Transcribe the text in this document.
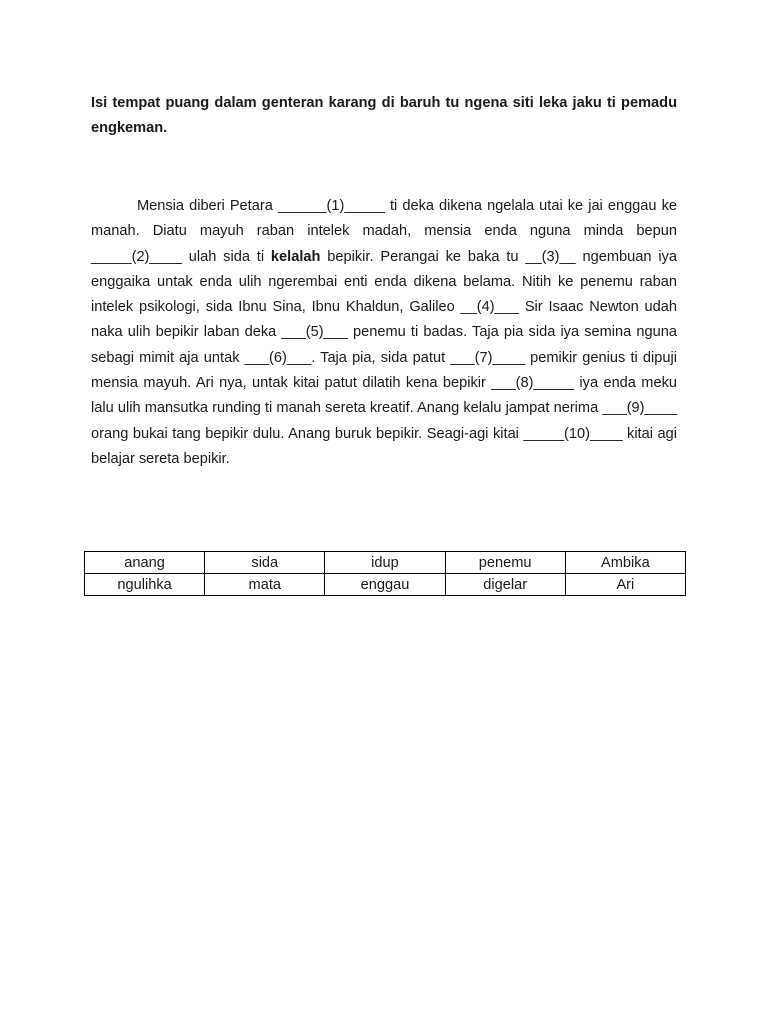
Isi tempat puang dalam genteran karang di baruh tu ngena siti leka jaku ti pemadu engkeman.

Mensia diberi Petara ______(1)_____ ti deka dikena ngelala utai ke jai enggau ke manah. Diatu mayuh raban intelek madah, mensia enda nguna minda bepun _____(2)____ ulah sida ti kelalah bepikir. Perangai ke baka tu __(3)__ ngembuan iya enggaika untak enda ulih ngerembai enti enda dikena belama. Nitih ke penemu raban intelek psikologi, sida Ibnu Sina, Ibnu Khaldun, Galileo __(4)___ Sir Isaac Newton udah naka ulih bepikir laban deka ___(5)___ penemu ti badas. Taja pia sida iya semina nguna sebagi mimit aja untak ___(6)___. Taja pia, sida patut ___(7)____ pemikir genius ti dipuji mensia mayuh. Ari nya, untak kitai patut dilatih kena bepikir ___(8)_____ iya enda meku lalu ulih mansutka runding ti manah sereta kreatif. Anang kelalu jampat nerima ___(9)____ orang bukai tang bepikir dulu. Anang buruk bepikir. Seagi-agi kitai _____(10)____ kitai agi belajar sereta bepikir.

anang	sida	idup	penemu	Ambika
ngulihka	mata	enggau	digelar	Ari
